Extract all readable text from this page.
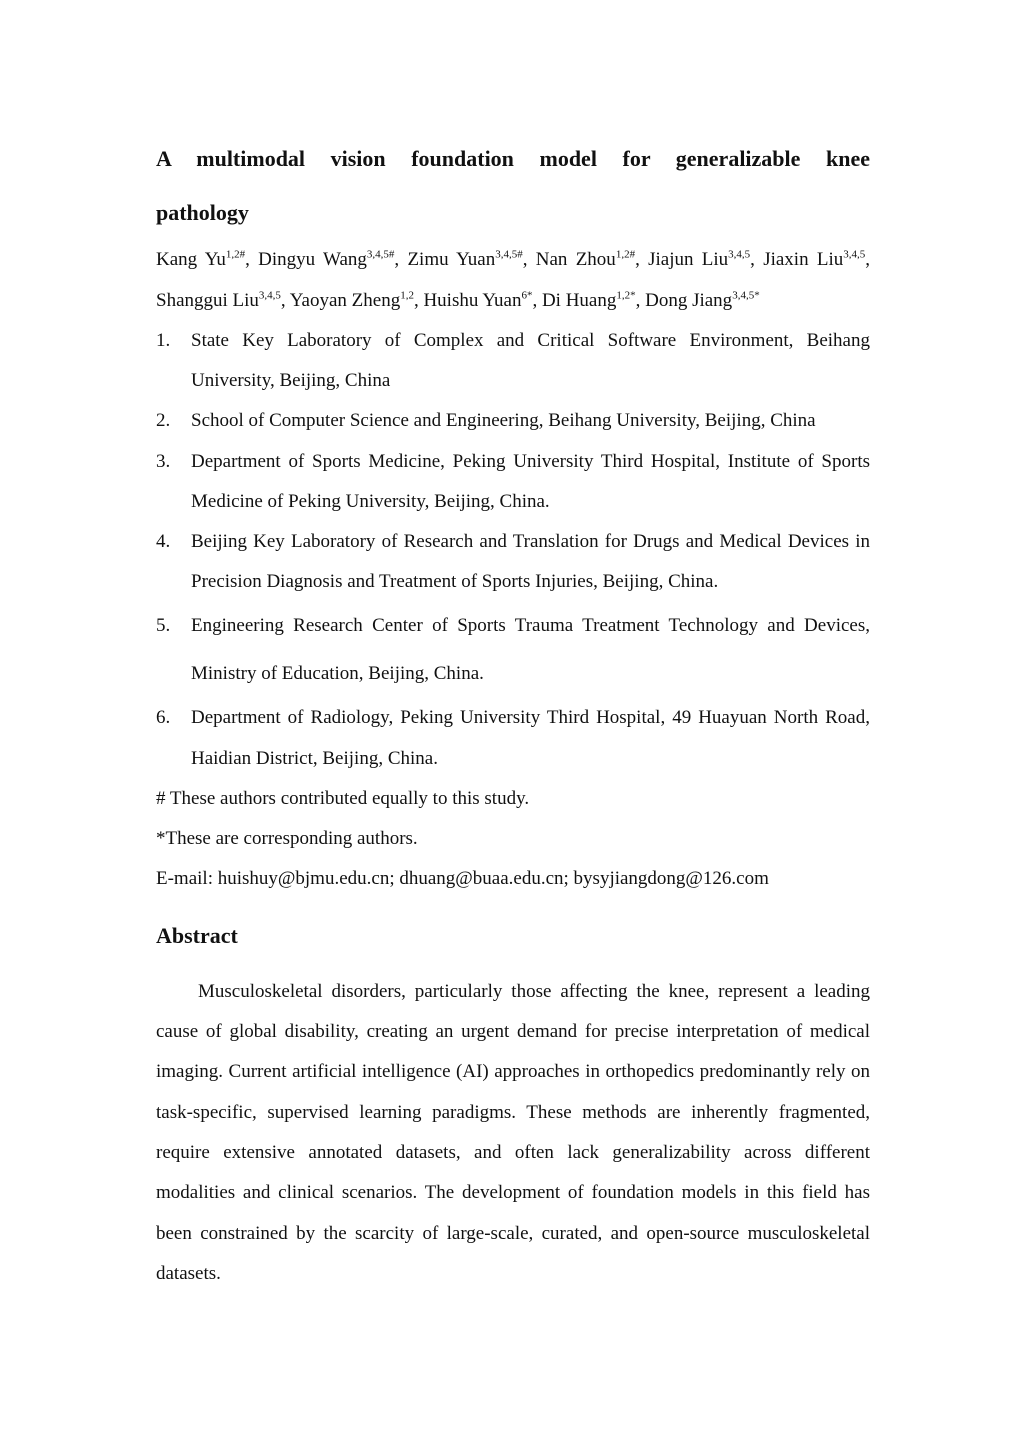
A multimodal vision foundation model for generalizable knee
pathology

Kang $Yu^{1,2\#}$, Dingyu Wang$^{3,4,5\#}$, Zimu Yuan$^{3,4,5\#}$, Nan Zhou$^{1,2\#}$, Jiajun Liu$^{3,4,5}$, Jiaxin Liu$^{3,4,5}$, Shanggui Liu$^{3,4,5}$, Yaoyan Zheng$^{1,2}$, Huishu Yuan$^{6*}$, Di Huang$^{1,2*}$, Dong Jiang$^{3,4,5*}$

1. State Key Laboratory of Complex and Critical Software Environment, Beihang University, Beijing, China
2. School of Computer Science and Engineering, Beihang University, Beijing, China
3. Department of Sports Medicine, Peking University Third Hospital, Institute of Sports Medicine of Peking University, Beijing, China.
4. Beijing Key Laboratory of Research and Translation for Drugs and Medical Devices in Precision Diagnosis and Treatment of Sports Injuries, Beijing, China.
5. Engineering Research Center of Sports Trauma Treatment Technology and Devices, Ministry of Education, Beijing, China.
6. Department of Radiology, Peking University Third Hospital, 49 Huayuan North Road, Haidian District, Beijing, China.

# These authors contributed equally to this study.

*These are corresponding authors.

E-mail: huishuy@bjmu.edu.cn; dhuang@buaa.edu.cn; bysyjiangdong@126.com

Abstract

Musculoskeletal disorders, particularly those affecting the knee, represent a leading cause of global disability, creating an urgent demand for precise interpretation of medical imaging. Current artificial intelligence (AI) approaches in orthopedics predominantly rely on task-specific, supervised learning paradigms. These methods are inherently fragmented, require extensive annotated datasets, and often lack generalizability across different modalities and clinical scenarios. The development of foundation models in this field has been constrained by the scarcity of large-scale, curated, and open-source musculoskeletal datasets.
